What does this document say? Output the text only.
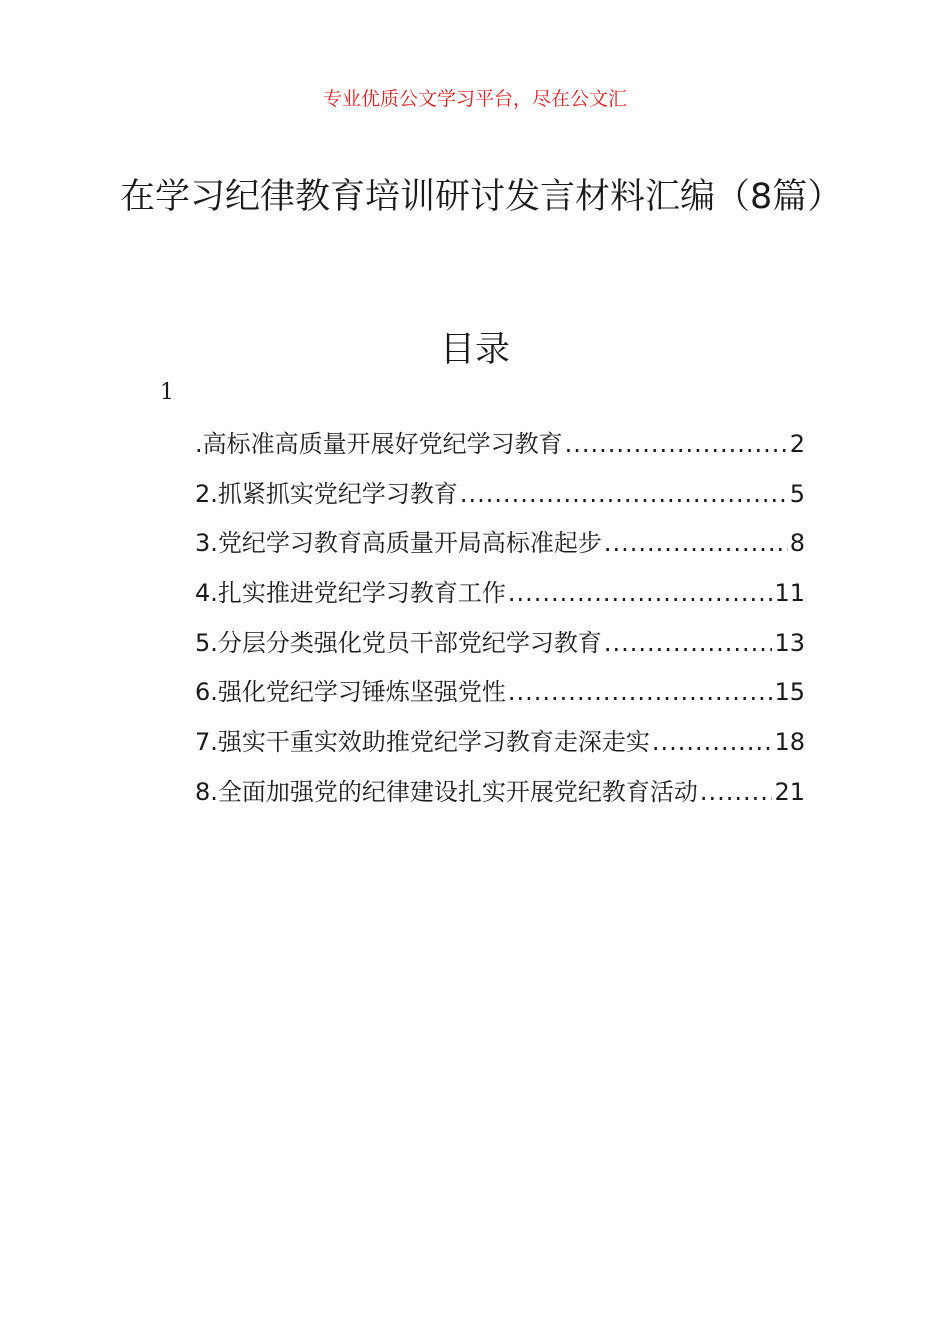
专业优质公文学习平台，尽在公文汇
在学习纪律教育培训研讨发言材料汇编（8篇）
目录
1
.高标准高质量开展好党纪学习教育 .....	2
2.抓紧抓实党纪学习教育 .....	5
3.党纪学习教育高质量开局高标准起步 .....	8
4.扎实推进党纪学习教育工作 .....	11
5.分层分类强化党员干部党纪学习教育 .....	13
6.强化党纪学习锤炼坚强党性 .....	15
7.强实干重实效助推党纪学习教育走深走实 .....	18
8.全面加强党的纪律建设扎实开展党纪教育活动 .....	21
